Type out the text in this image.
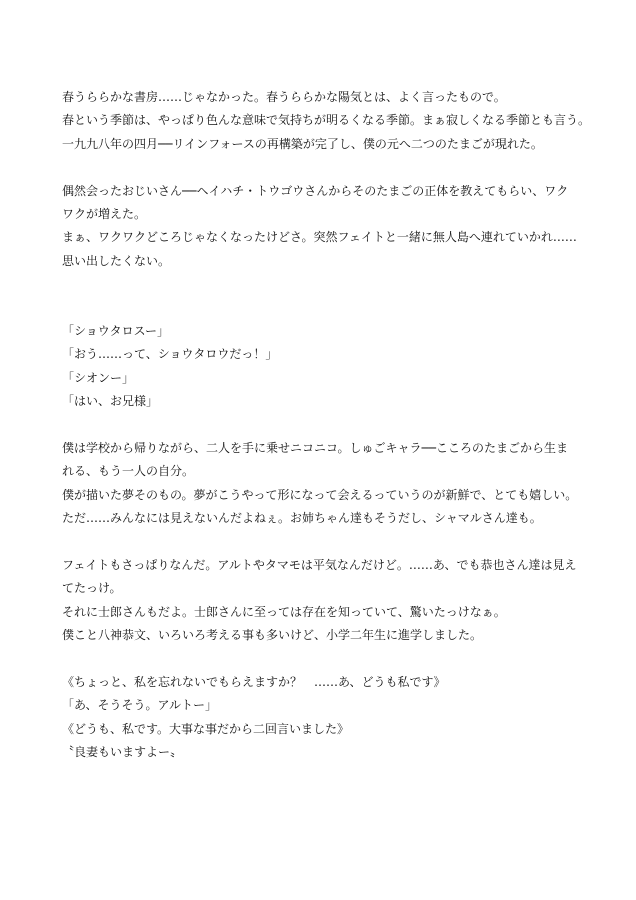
春うららかな書房……じゃなかった。春うららかな陽気とは、よく言ったもので。
春という季節は、やっぱり色んな意味で気持ちが明るくなる季節。まぁ寂しくなる季節とも言う。
一九九八年の四月──リインフォースの再構築が完了し、僕の元へ二つのたまごが現れた。
偶然会ったおじいさん──ヘイハチ・トウゴウさんからそのたまごの正体を教えてもらい、ワク
ワクが増えた。
まぁ、ワクワクどころじゃなくなったけどさ。突然フェイトと一緒に無人島へ連れていかれ……
思い出したくない。
「ショウタロスー」
「おう……って、ショウタロウだっ！」
「シオンー」
「はい、お兄様」
僕は学校から帰りながら、二人を手に乗せニコニコ。しゅごキャラ──こころのたまごから生ま
れる、もう一人の自分。
僕が描いた夢そのもの。夢がこうやって形になって会えるっていうのが新鮮で、とても嬉しい。
ただ……みんなには見えないんだよねぇ。お姉ちゃん達もそうだし、シャマルさん達も。
フェイトもさっぱりなんだ。アルトやタマモは平気なんだけど。……あ、でも恭也さん達は見え
てたっけ。
それに士郎さんもだよ。士郎さんに至っては存在を知っていて、驚いたっけなぁ。
僕こと八神恭文、いろいろ考える事も多いけど、小学二年生に進学しました。
《ちょっと、私を忘れないでもらえますか？　……あ、どうも私です》
「あ、そうそう。アルトー」
《どうも、私です。大事な事だから二回言いました》
〝良妻もいますよー〟
